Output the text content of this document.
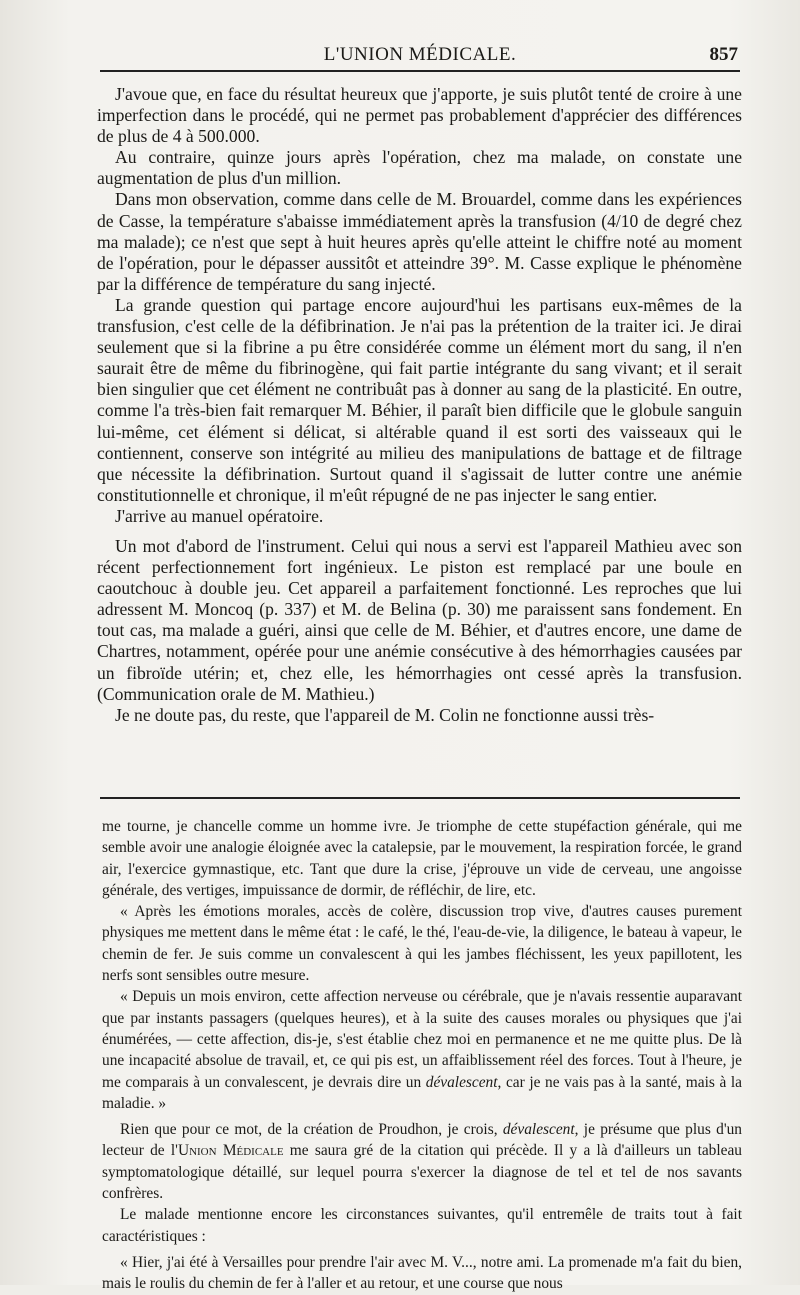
L'UNION MÉDICALE.	857

J'avoue que, en face du résultat heureux que j'apporte, je suis plutôt tenté de croire à une imperfection dans le procédé, qui ne permet pas probablement d'apprécier des différences de plus de 4 à 500.000.

Au contraire, quinze jours après l'opération, chez ma malade, on constate une augmentation de plus d'un million.

Dans mon observation, comme dans celle de M. Brouardel, comme dans les expériences de Casse, la température s'abaisse immédiatement après la transfusion (4/10 de degré chez ma malade); ce n'est que sept à huit heures après qu'elle atteint le chiffre noté au moment de l'opération, pour le dépasser aussitôt et atteindre 39°. M. Casse explique le phénomène par la différence de température du sang injecté.

La grande question qui partage encore aujourd'hui les partisans eux-mêmes de la transfusion, c'est celle de la défibrination. Je n'ai pas la prétention de la traiter ici. Je dirai seulement que si la fibrine a pu être considérée comme un élément mort du sang, il n'en saurait être de même du fibrinogène, qui fait partie intégrante du sang vivant; et il serait bien singulier que cet élément ne contribuât pas à donner au sang de la plasticité. En outre, comme l'a très-bien fait remarquer M. Béhier, il paraît bien difficile que le globule sanguin lui-même, cet élément si délicat, si altérable quand il est sorti des vaisseaux qui le contiennent, conserve son intégrité au milieu des manipulations de battage et de filtrage que nécessite la défibrination. Surtout quand il s'agissait de lutter contre une anémie constitutionnelle et chronique, il m'eût répugné de ne pas injecter le sang entier.

J'arrive au manuel opératoire.

Un mot d'abord de l'instrument. Celui qui nous a servi est l'appareil Mathieu avec son récent perfectionnement fort ingénieux. Le piston est remplacé par une boule en caoutchouc à double jeu. Cet appareil a parfaitement fonctionné. Les reproches que lui adressent M. Moncoq (p. 337) et M. de Belina (p. 30) me paraissent sans fondement. En tout cas, ma malade a guéri, ainsi que celle de M. Béhier, et d'autres encore, une dame de Chartres, notamment, opérée pour une anémie consécutive à des hémorrhagies causées par un fibroïde utérin; et, chez elle, les hémorrhagies ont cessé après la transfusion. (Communication orale de M. Mathieu.)

Je ne doute pas, du reste, que l'appareil de M. Colin ne fonctionne aussi très-

me tourne, je chancelle comme un homme ivre. Je triomphe de cette stupéfaction générale, qui me semble avoir une analogie éloignée avec la catalepsie, par le mouvement, la respiration forcée, le grand air, l'exercice gymnastique, etc. Tant que dure la crise, j'éprouve un vide de cerveau, une angoisse générale, des vertiges, impuissance de dormir, de réfléchir, de lire, etc.

« Après les émotions morales, accès de colère, discussion trop vive, d'autres causes purement physiques me mettent dans le même état : le café, le thé, l'eau-de-vie, la diligence, le bateau à vapeur, le chemin de fer. Je suis comme un convalescent à qui les jambes fléchissent, les yeux papillotent, les nerfs sont sensibles outre mesure.

« Depuis un mois environ, cette affection nerveuse ou cérébrale, que je n'avais ressentie auparavant que par instants passagers (quelques heures), et à la suite des causes morales ou physiques que j'ai énumérées, — cette affection, dis-je, s'est établie chez moi en permanence et ne me quitte plus. De là une incapacité absolue de travail, et, ce qui pis est, un affaiblissement réel des forces. Tout à l'heure, je me comparais à un convalescent, je devrais dire un dévalescent, car je ne vais pas à la santé, mais à la maladie. »

Rien que pour ce mot, de la création de Proudhon, je crois, dévalescent, je présume que plus d'un lecteur de l'Union Médicale me saura gré de la citation qui précède. Il y a là d'ailleurs un tableau symptomatologique détaillé, sur lequel pourra s'exercer la diagnose de tel et tel de nos savants confrères.

Le malade mentionne encore les circonstances suivantes, qu'il entremêle de traits tout à fait caractéristiques :

« Hier, j'ai été à Versailles pour prendre l'air avec M. V..., notre ami. La promenade m'a fait du bien, mais le roulis du chemin de fer à l'aller et au retour, et une course que nous
